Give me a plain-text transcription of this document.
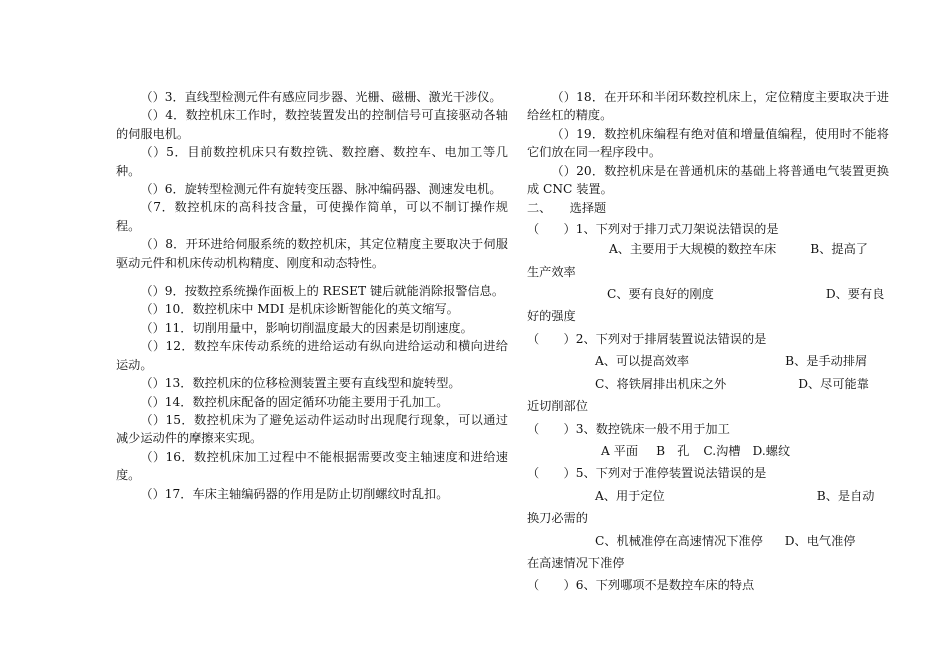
（）3．直线型检测元件有感应同步器、光栅、磁栅、激光干涉仪。

（）4．数控机床工作时，数控装置发出的控制信号可直接驱动各轴的伺服电机。

（）5．目前数控机床只有数控铣、数控磨、数控车、电加工等几种。

（）6．旋转型检测元件有旋转变压器、脉冲编码器、测速发电机。

（7．数控机床的高科技含量，可使操作简单，可以不制订操作规程。

（）8．开环进给伺服系统的数控机床，其定位精度主要取决于伺服驱动元件和机床传动机构精度、刚度和动态特性。

（）9．按数控系统操作面板上的 RESET 键后就能消除报警信息。

（）10．数控机床中 MDI 是机床诊断智能化的英文缩写。

（）11．切削用量中，影响切削温度最大的因素是切削速度。

（）12．数控车床传动系统的进给运动有纵向进给运动和横向进给运动。

（）13．数控机床的位移检测装置主要有直线型和旋转型。

（）14．数控机床配备的固定循环功能主要用于孔加工。

（）15．数控机床为了避免运动件运动时出现爬行现象，可以通过减少运动件的摩擦来实现。

（）16．数控机床加工过程中不能根据需要改变主轴速度和进给速度。

（）17．车床主轴编码器的作用是防止切削螺纹时乱扣。

（）18．在开环和半闭环数控机床上，定位精度主要取决于进给丝杠的精度。

（）19．数控机床编程有绝对值和增量值编程，使用时不能将它们放在同一程序段中。

（）20．数控机床是在普通机床的基础上将普通电气装置更换成 CNC 装置。

二、　　选择题

（　　）1、下列对于排刀式刀架说法错误的是

A、主要用于大规模的数控车床	B、提高了

生产效率

C、要有良好的刚度	D、要有良

好的强度

（　　）2、下列对于排屑装置说法错误的是

A、可以提高效率	B、是手动排屑

C、将铁屑排出机床之外	D、尽可能靠

近切削部位

（　　）3、数控铣床一般不用于加工

A 平面 B　孔 C.沟槽 D.螺纹

（　　）5、下列对于准停装置说法错误的是

A、用于定位	B、是自动

换刀必需的

C、机械准停在高速情况下准停 D、电气准停

在高速情况下准停

（　　）6、下列哪项不是数控车床的特点
